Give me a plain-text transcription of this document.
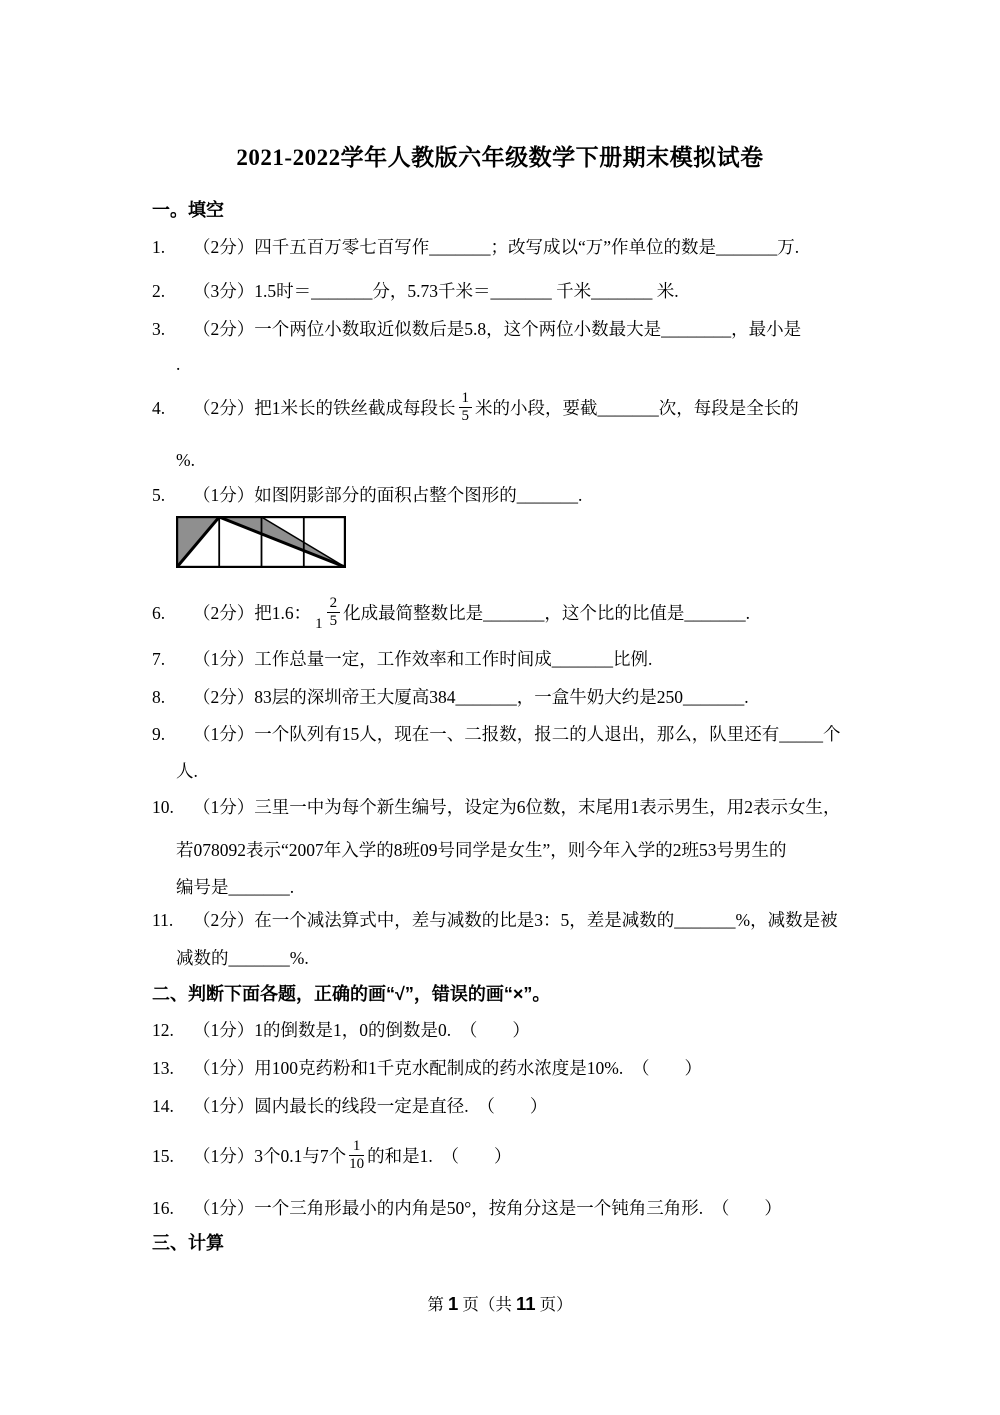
2021-2022学年人教版六年级数学下册期末模拟试卷
一。填空
1. （2分）四千五百万零七百写作_______；改写成以“万”作单位的数是_______万.
2. （3分）1.5时＝_______分，5.73千米＝_______ 千米_______ 米.
3. （2分）一个两位小数取近似数后是5.8，这个两位小数最大是________，最小是
.
4. （2分）把1米长的铁丝截成每段长 $\frac{1}{5}$ 米的小段，要截_______次，每段是全长的
%.
5. （1分）如图阴影部分的面积占整个图形的_______.
6. （2分）把1.6：$1 \frac{2}{5}$ 化成最简整数比是_______，这个比的比值是_______.
7. （1分）工作总量一定，工作效率和工作时间成_______比例.
8. （2分）83层的深圳帝王大厦高384_______，一盒牛奶大约是250_______.
9. （1分）一个队列有15人，现在一、二报数，报二的人退出，那么，队里还有_____个
人.
10. （1分）三里一中为每个新生编号，设定为6位数，末尾用1表示男生，用2表示女生，
若078092表示“2007年入学的8班09号同学是女生”，则今年入学的2班53号男生的
编号是_______.
11. （2分）在一个减法算式中，差与减数的比是3：5，差是减数的_______%，减数是被
减数的_______%.
二、判断下面各题，正确的画“√”，错误的画“×”。
12. （1分）1的倒数是1，0的倒数是0.　（　　）
13. （1分）用100克药粉和1千克水配制成的药水浓度是10%.　（　　）
14. （1分）圆内最长的线段一定是直径.　（　　）
15. （1分）3个0.1与7个 $\frac{1}{10}$ 的和是1.　（　　）
16. （1分）一个三角形最小的内角是50°，按角分这是一个钝角三角形.　（　　）
三、计算
第 1 页（共 11 页）
